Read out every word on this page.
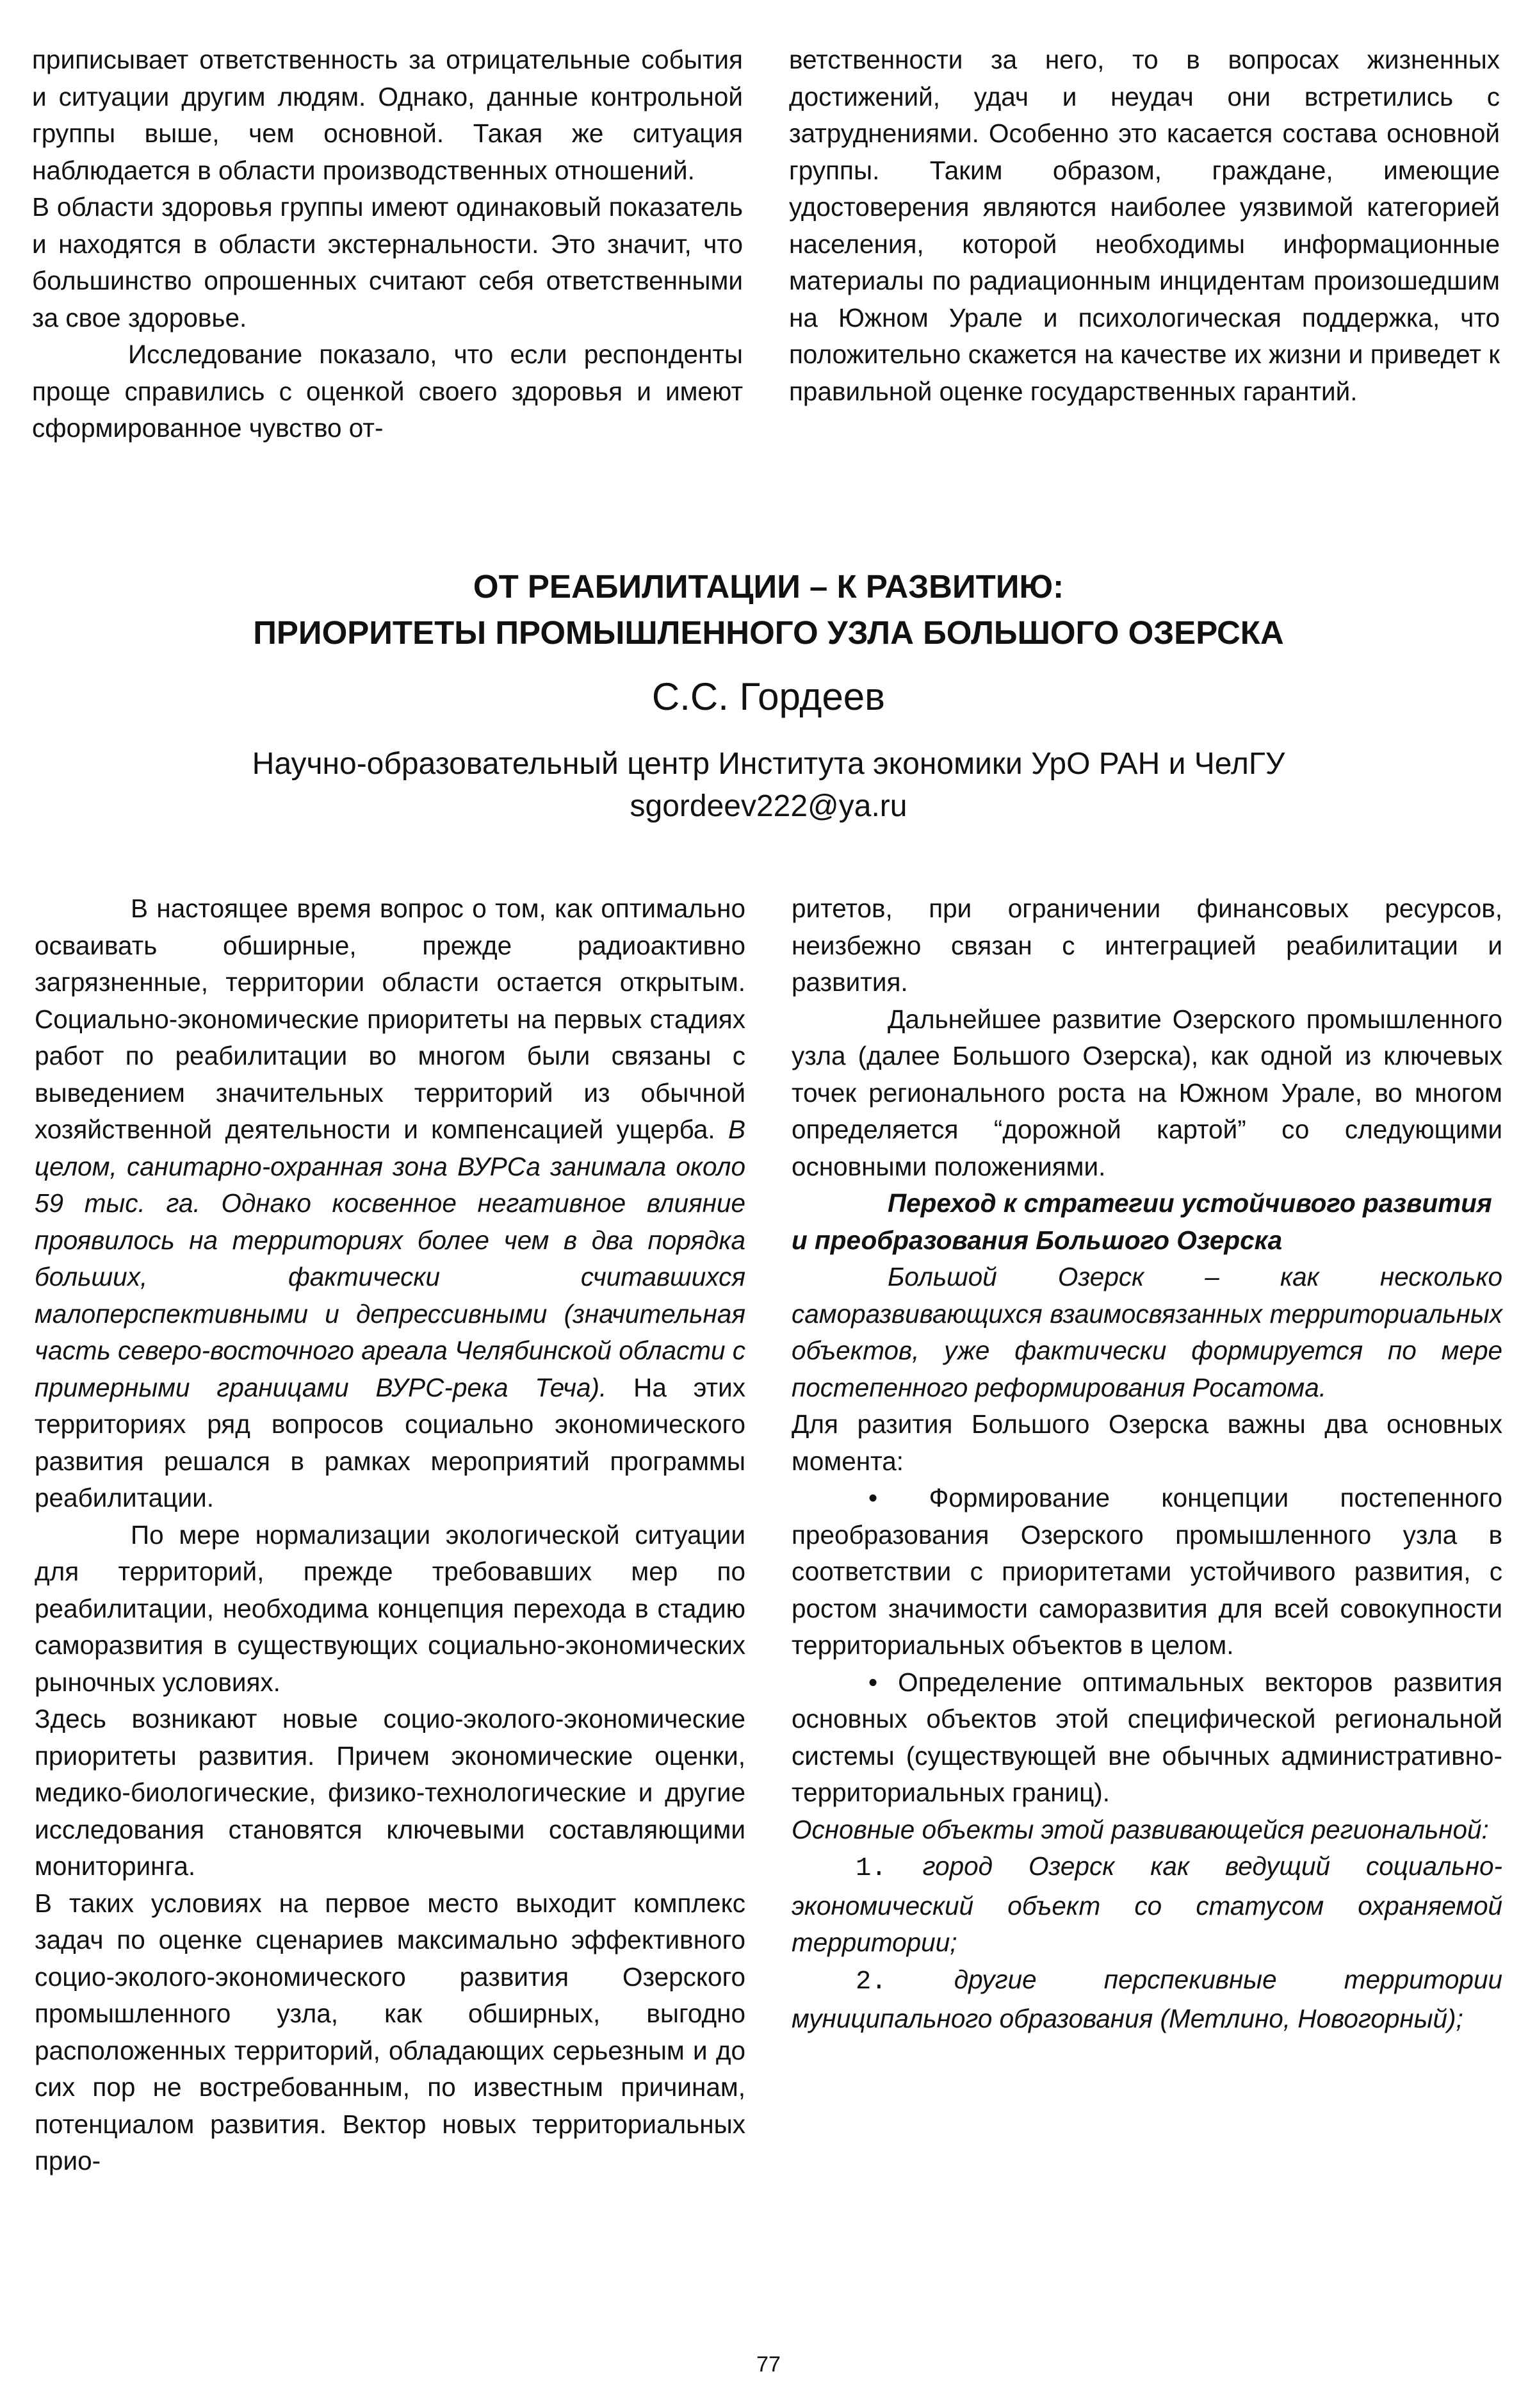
приписывает ответственность за отрицательные события и ситуации другим людям. Однако, данные контрольной группы выше, чем основной. Такая же ситуация наблюдается в области производственных отношений.

В области здоровья группы имеют одинаковый показатель и находятся в области экстернальности. Это значит, что большинство опрошенных считают себя ответственными за свое здоровье.

Исследование показало, что если респонденты проще справились с оценкой своего здоровья и имеют сформированное чувство от-

ветственности за него, то в вопросах жизненных достижений, удач и неудач они встретились с затруднениями. Особенно это касается состава основной группы. Таким образом, граждане, имеющие удостоверения являются наиболее уязвимой категорией населения, которой необходимы информационные материалы по радиационным инцидентам произошедшим на Южном Урале и психологическая поддержка, что положительно скажется на качестве их жизни и приведет к правильной оценке государственных гарантий.

ОТ РЕАБИЛИТАЦИИ – К РАЗВИТИЮ:
ПРИОРИТЕТЫ ПРОМЫШЛЕННОГО УЗЛА БОЛЬШОГО ОЗЕРСКА
С.С. Гордеев
Научно-образовательный центр Института экономики УрО РАН и ЧелГУ
sgordeev222@ya.ru

В настоящее время вопрос о том, как оптимально осваивать обширные, прежде радиоактивно загрязненные, территории области остается открытым. Социально-экономические приоритеты на первых стадиях работ по реабилитации во многом были связаны с выведением значительных территорий из обычной хозяйственной деятельности и компенсацией ущерба. В целом, санитарно-охранная зона ВУРСа занимала около 59 тыс. га. Однако косвенное негативное влияние проявилось на территориях более чем в два порядка больших, фактически считавшихся малоперспективными и депрессивными (значительная часть северо-восточного ареала Челябинской области с примерными границами ВУРС-река Теча). На этих территориях ряд вопросов социально экономического развития решался в рамках мероприятий программы реабилитации.

По мере нормализации экологической ситуации для территорий, прежде требовавших мер по реабилитации, необходима концепция перехода в стадию саморазвития в существующих социально-экономических рыночных условиях.

Здесь возникают новые социо-эколого-экономические приоритеты развития. Причем экономические оценки, медико-биологические, физико-технологические и другие исследования становятся ключевыми составляющими мониторинга.

В таких условиях на первое место выходит комплекс задач по оценке сценариев максимально эффективного социо-эколого-экономического развития Озерского промышленного узла, как обширных, выгодно расположенных территорий, обладающих серьезным и до сих пор не востребованным, по известным причинам, потенциалом развития. Вектор новых территориальных прио-

ритетов, при ограничении финансовых ресурсов, неизбежно связан с интеграцией реабилитации и развития.

Дальнейшее развитие Озерского промышленного узла (далее Большого Озерска), как одной из ключевых точек регионального роста на Южном Урале, во многом определяется “дорожной картой” со следующими основными положениями.

Переход к стратегии устойчивого развития и преобразования Большого Озерска

Большой Озерск – как несколько саморазвивающихся взаимосвязанных территориальных объектов, уже фактически формируется по мере постепенного реформирования Росатома.

Для разития Большого Озерска важны два основных момента:

• Формирование концепции постепенного преобразования Озерского промышленного узла в соответствии с приоритетами устойчивого развития, с ростом значимости саморазвития для всей совокупности территориальных объектов в целом.

• Определение оптимальных векторов развития основных объектов этой специфической региональной системы (существующей вне обычных административно-территориальных границ).

Основные объекты этой развивающейся региональной:

1. город Озерск как ведущий социально-экономический объект со статусом охраняемой территории;

2.	другие перспекивные территории муниципального образования (Метлино, Новогорный);

77
